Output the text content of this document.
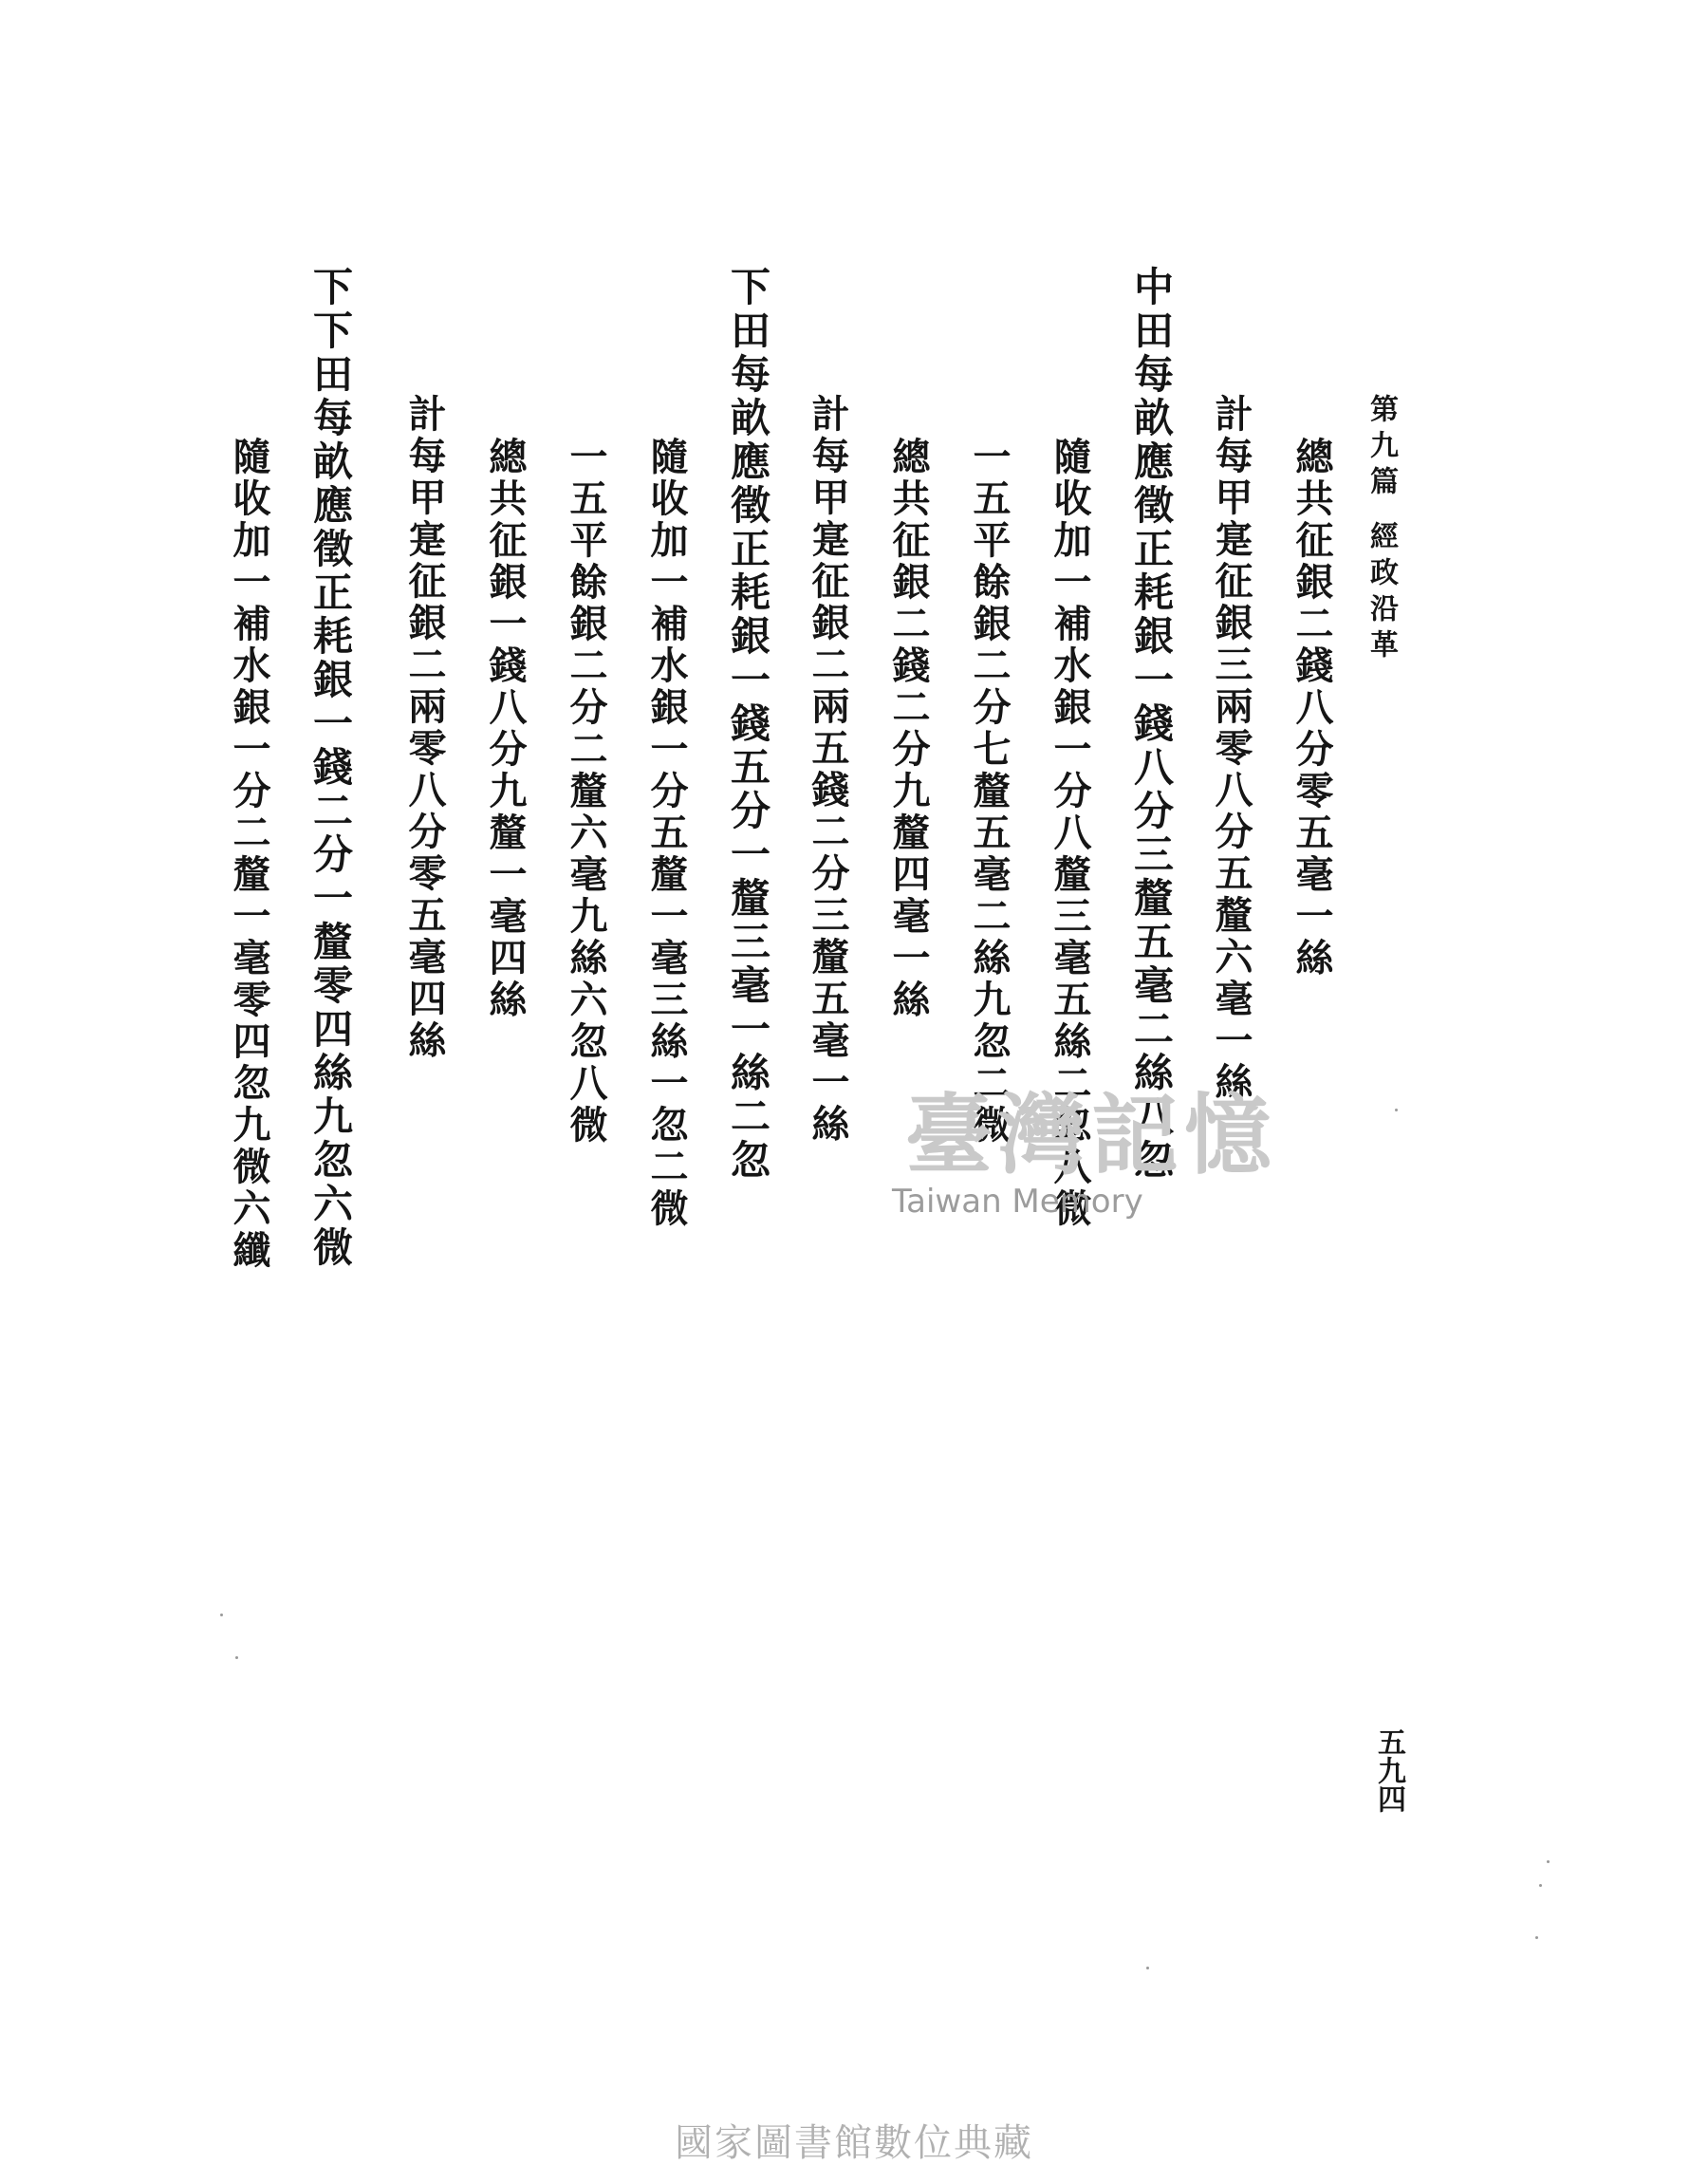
第九篇經政沿革
總共征銀二錢八分零五毫一絲
計每甲寔征銀三兩零八分五釐六毫一絲
中田每畝應徵正耗銀一錢八分三釐五毫二絲八忽
隨收加一補水銀一分八釐三毫五絲二忽八微
一五平餘銀二分七釐五毫二絲九忽二微
總共征銀二錢二分九釐四毫一絲
計每甲寔征銀二兩五錢二分三釐五毫一絲
下田每畝應徵正耗銀一錢五分一釐三毫一絲二忽
隨收加一補水銀一分五釐一毫三絲一忽二微
一五平餘銀二分二釐六毫九絲六忽八微
總共征銀一錢八分九釐一毫四絲
計每甲寔征銀二兩零八分零五毫四絲
下下田每畝應徵正耗銀一錢二分一釐零四絲九忽六微
隨收加一補水銀一分二釐一毫零四忽九微六纖
五九四
臺灣記憶
Taiwan Memory
國家圖書館數位典藏
